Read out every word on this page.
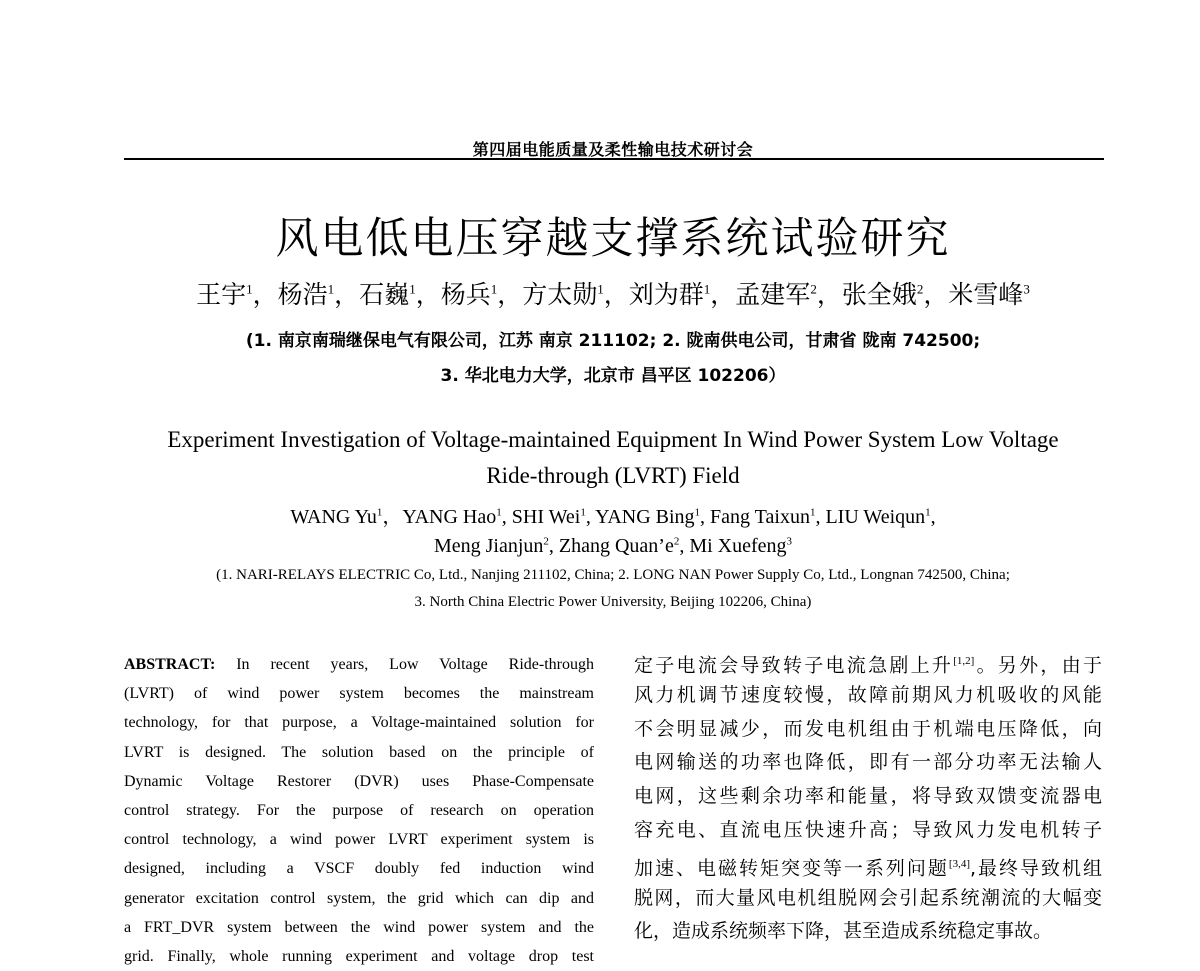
第四届电能质量及柔性输电技术研讨会
风电低电压穿越支撑系统试验研究
王宇$^1$，杨浩$^1$，石巍$^1$，杨兵$^1$，方太勋$^1$，刘为群$^1$，孟建军$^2$，张全娥$^2$，米雪峰$^3$
(1. 南京南瑞继保电气有限公司，江苏 南京 211102; 2. 陇南供电公司，甘肃省 陇南 742500;
3. 华北电力大学，北京市 昌平区 102206）
Experiment Investigation of Voltage-maintained Equipment In Wind Power System Low Voltage
Ride-through (LVRT) Field
WANG Yu$^1$，YANG Hao$^1$, SHI Wei$^1$, YANG Bing$^1$, Fang Taixun$^1$, LIU Weiqun$^1$,
Meng Jianjun$^2$, Zhang $Quan’e^2$, Mi Xuefeng$^3$
(1. NARI-RELAYS ELECTRIC Co, Ltd., Nanjing 211102, China; 2. LONG NAN Power Supply Co, Ltd., Longnan 742500, China;
3. North China Electric Power University, Beijing 102206, China)
ABSTRACT: In recent years, Low Voltage Ride-through
(LVRT) of wind power system becomes the mainstream
technology, for that purpose, a Voltage-maintained solution for
LVRT is designed. The solution based on the principle of
Dynamic Voltage Restorer (DVR) uses Phase-Compensate
control strategy. For the purpose of research on operation
control technology, a wind power LVRT experiment system is
designed, including a VSCF doubly fed induction wind
generator excitation control system, the grid which can dip and
a FRT_DVR system between the wind power system and the
grid. Finally, whole running experiment and voltage drop test
定子电流会导致转子电流急剧上升[1,2]。另外，由于
风力机调节速度较慢，故障前期风力机吸收的风能
不会明显减少，而发电机组由于机端电压降低，向
电网输送的功率也降低，即有一部分功率无法输人
电网，这些剩余功率和能量，将导致双馈变流器电
容充电、直流电压快速升高；导致风力发电机转子
加速、电磁转矩突变等一系列问题[3,4],最终导致机组
脱网，而大量风电机组脱网会引起系统潮流的大幅变
化，造成系统频率下降，甚至造成系统稳定事故。
